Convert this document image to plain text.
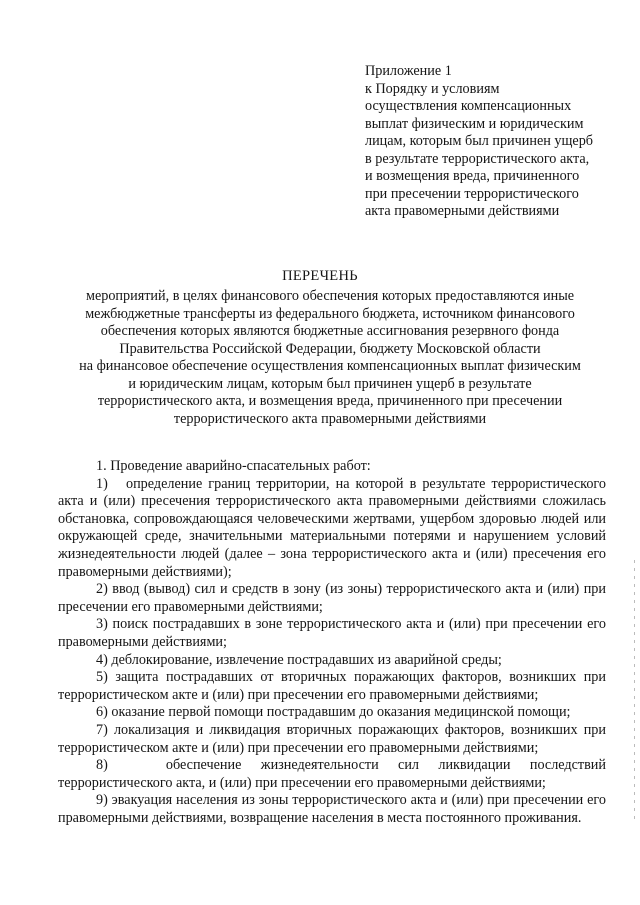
Приложение 1
к Порядку и условиям
осуществления компенсационных
выплат физическим и юридическим
лицам, которым был причинен ущерб
в результате террористического акта,
и возмещения вреда, причиненного
при пресечении террористического
акта правомерными действиями
ПЕРЕЧЕНЬ
мероприятий, в целях финансового обеспечения которых предоставляются иные
межбюджетные трансферты из федерального бюджета, источником финансового
обеспечения которых являются бюджетные ассигнования резервного фонда
Правительства Российской Федерации, бюджету Московской области
на финансовое обеспечение осуществления компенсационных выплат физическим
и юридическим лицам, которым был причинен ущерб в результате
террористического акта, и возмещения вреда, причиненного при пресечении
террористического акта правомерными действиями

1. Проведение аварийно-спасательных работ:

1)   определение границ территории, на которой в результате террористического акта и (или) пресечения террористического акта правомерными действиями сложилась обстановка, сопровождающаяся человеческими жертвами, ущербом здоровью людей или окружающей среде, значительными материальными потерями и нарушением условий жизнедеятельности людей (далее – зона террористического акта и (или) пресечения его правомерными действиями);

2) ввод (вывод) сил и средств в зону (из зоны) террористического акта и (или) при пресечении его правомерными действиями;

3) поиск пострадавших в зоне террористического акта и (или) при пресечении его правомерными действиями;

4) деблокирование, извлечение пострадавших из аварийной среды;

5) защита пострадавших от вторичных поражающих факторов, возникших при террористическом акте и (или) при пресечении его правомерными действиями;

6) оказание первой помощи пострадавшим до оказания медицинской помощи;

7) локализация и ликвидация вторичных поражающих факторов, возникших при террористическом акте и (или) при пресечении его правомерными действиями;

8)   обеспечение жизнедеятельности сил ликвидации последствий террористического акта, и (или) при пресечении его правомерными действиями;

9) эвакуация населения из зоны террористического акта и (или) при пресечении его правомерными действиями, возвращение населения в места постоянного проживания.
